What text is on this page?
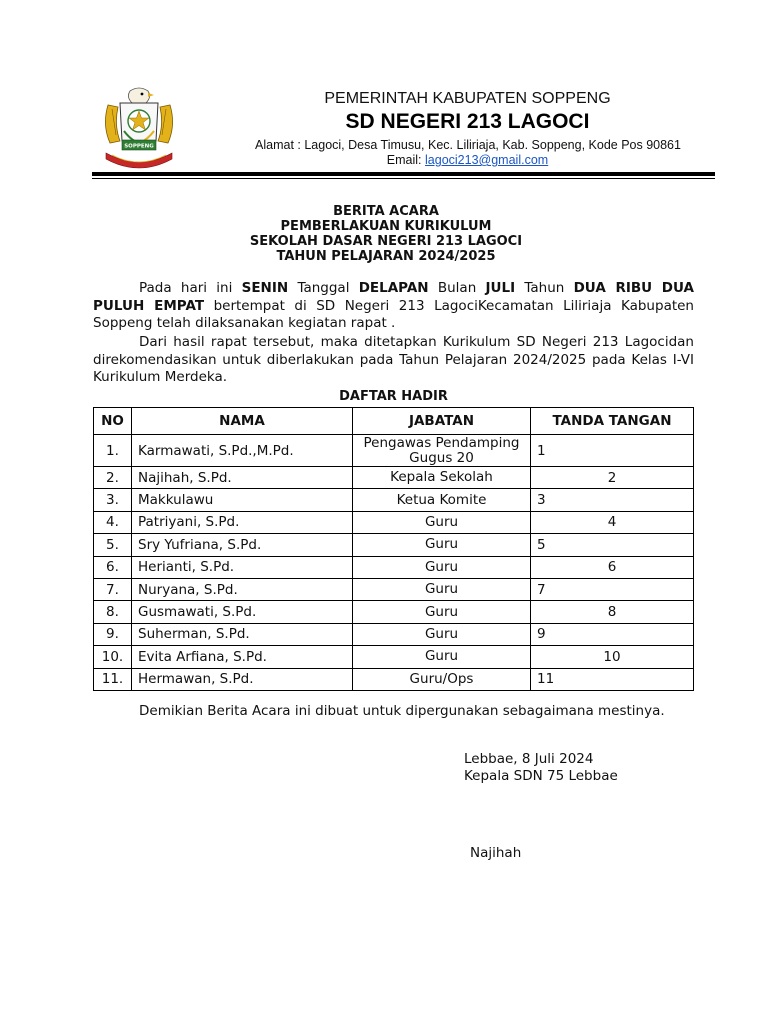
SOPPENG
PEMERINTAH KABUPATEN SOPPENG
SD NEGERI 213 LAGOCI
Alamat : Lagoci, Desa Timusu, Kec. Liliriaja, Kab. Soppeng, Kode Pos 90861
Email: lagoci213@gmail.com
BERITA ACARA
PEMBERLAKUAN KURIKULUM
SEKOLAH DASAR NEGERI 213 LAGOCI
TAHUN PELAJARAN 2024/2025
Pada hari ini SENIN Tanggal DELAPAN Bulan JULI Tahun DUA RIBU DUA PULUH EMPAT bertempat di SD Negeri 213 LagociKecamatan Liliriaja Kabupaten Soppeng telah dilaksanakan kegiatan rapat .
Dari hasil rapat tersebut, maka ditetapkan Kurikulum SD Negeri 213 Lagocidan direkomendasikan untuk diberlakukan pada Tahun Pelajaran 2024/2025 pada Kelas I-VI Kurikulum Merdeka.
DAFTAR HADIR
NO	NAMA	JABATAN	TANDA TANGAN
1.	Karmawati, S.Pd.,M.Pd.	Pengawas Pendamping Gugus 20	1
2.	Najihah, S.Pd.	Kepala Sekolah	2
3.	Makkulawu	Ketua Komite	3
4.	Patriyani, S.Pd.	Guru	4
5.	Sry Yufriana, S.Pd.	Guru	5
6.	Herianti, S.Pd.	Guru	6
7.	Nuryana, S.Pd.	Guru	7
8.	Gusmawati, S.Pd.	Guru	8
9.	Suherman, S.Pd.	Guru	9
10.	Evita Arfiana, S.Pd.	Guru	10
11.	Hermawan, S.Pd.	Guru/Ops	11
Demikian Berita Acara ini dibuat untuk dipergunakan sebagaimana mestinya.
Lebbae, 8 Juli 2024
Kepala SDN 75 Lebbae
Najihah
